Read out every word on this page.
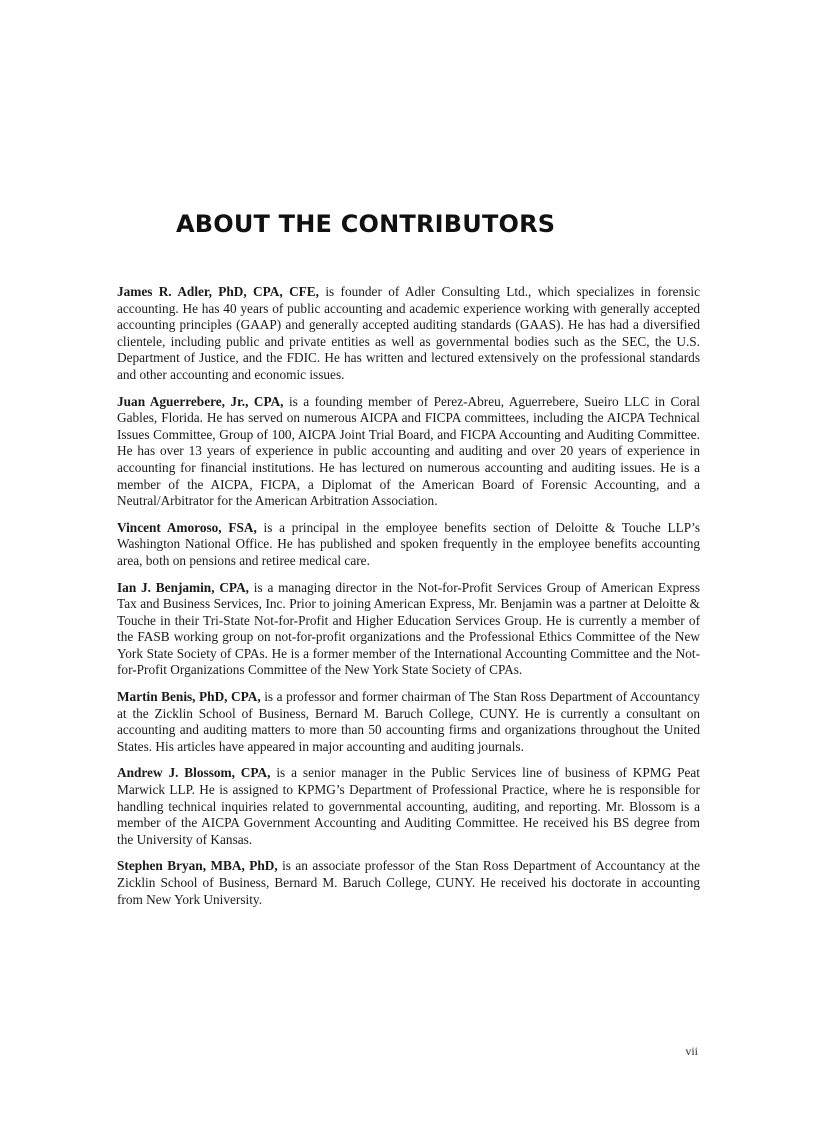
ABOUT THE CONTRIBUTORS

James R. Adler, PhD, CPA, CFE, is founder of Adler Consulting Ltd., which specializes in forensic accounting. He has 40 years of public accounting and academic experience working with generally accepted accounting principles (GAAP) and generally accepted auditing standards (GAAS). He has had a diversified clientele, including public and private entities as well as governmental bodies such as the SEC, the U.S. Department of Justice, and the FDIC. He has written and lectured extensively on the professional standards and other accounting and economic issues.

Juan Aguerrebere, Jr., CPA, is a founding member of Perez-Abreu, Aguerrebere, Sueiro LLC in Coral Gables, Florida. He has served on numerous AICPA and FICPA committees, including the AICPA Technical Issues Committee, Group of 100, AICPA Joint Trial Board, and FICPA Accounting and Auditing Committee. He has over 13 years of experience in public accounting and auditing and over 20 years of experience in accounting for financial institutions. He has lectured on numerous accounting and auditing issues. He is a member of the AICPA, FICPA, a Diplomat of the American Board of Forensic Accounting, and a Neutral/Arbitrator for the American Arbitration Association.

Vincent Amoroso, FSA, is a principal in the employee benefits section of Deloitte & Touche LLP’s Washington National Office. He has published and spoken frequently in the employee benefits accounting area, both on pensions and retiree medical care.

Ian J. Benjamin, CPA, is a managing director in the Not-for-Profit Services Group of American Express Tax and Business Services, Inc. Prior to joining American Express, Mr. Benjamin was a partner at Deloitte & Touche in their Tri-State Not-for-Profit and Higher Education Services Group. He is currently a member of the FASB working group on not-for-profit organizations and the Professional Ethics Committee of the New York State Society of CPAs. He is a former member of the International Accounting Committee and the Not-for-Profit Organizations Committee of the New York State Society of CPAs.

Martin Benis, PhD, CPA, is a professor and former chairman of The Stan Ross Department of Accountancy at the Zicklin School of Business, Bernard M. Baruch College, CUNY. He is currently a consultant on accounting and auditing matters to more than 50 accounting firms and organizations throughout the United States. His articles have appeared in major accounting and auditing journals.

Andrew J. Blossom, CPA, is a senior manager in the Public Services line of business of KPMG Peat Marwick LLP. He is assigned to KPMG’s Department of Professional Practice, where he is responsible for handling technical inquiries related to governmental accounting, auditing, and reporting. Mr. Blossom is a member of the AICPA Government Accounting and Auditing Committee. He received his BS degree from the University of Kansas.

Stephen Bryan, MBA, PhD, is an associate professor of the Stan Ross Department of Accountancy at the Zicklin School of Business, Bernard M. Baruch College, CUNY. He received his doctorate in accounting from New York University.

vii
